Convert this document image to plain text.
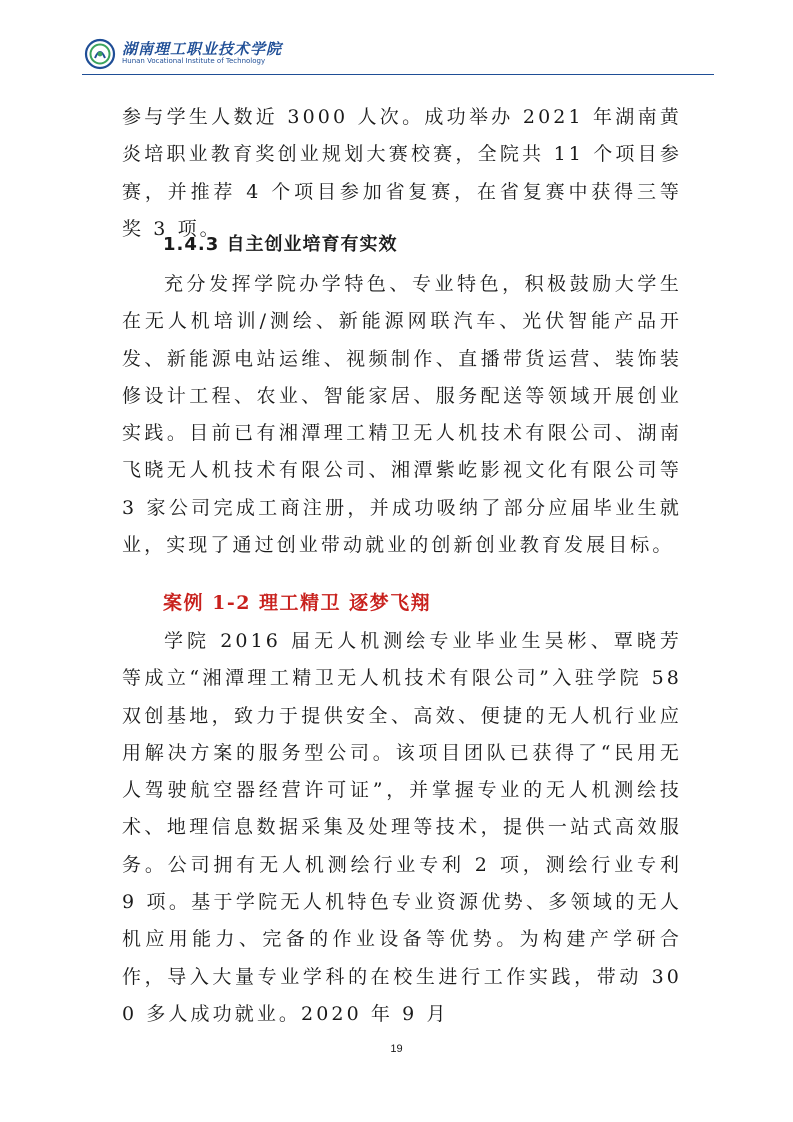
湖南理工职业技术学院
Hunan Vocational Institute of Technology

参与学生人数近 3000 人次。成功举办 2021 年湖南黄炎培职业教育奖创业规划大赛校赛，全院共 11 个项目参赛，并推荐 4 个项目参加省复赛，在省复赛中获得三等奖 3 项。

1.4.3 自主创业培育有实效

充分发挥学院办学特色、专业特色，积极鼓励大学生在无人机培训/测绘、新能源网联汽车、光伏智能产品开发、新能源电站运维、视频制作、直播带货运营、装饰装修设计工程、农业、智能家居、服务配送等领域开展创业实践。目前已有湘潭理工精卫无人机技术有限公司、湖南飞晓无人机技术有限公司、湘潭紫屹影视文化有限公司等 3 家公司完成工商注册，并成功吸纳了部分应届毕业生就业，实现了通过创业带动就业的创新创业教育发展目标。

案例 1-2 理工精卫 逐梦飞翔

学院 2016 届无人机测绘专业毕业生吴彬、覃晓芳等成立“湘潭理工精卫无人机技术有限公司”入驻学院 58 双创基地，致力于提供安全、高效、便捷的无人机行业应用解决方案的服务型公司。该项目团队已获得了“民用无人驾驶航空器经营许可证”，并掌握专业的无人机测绘技术、地理信息数据采集及处理等技术，提供一站式高效服务。公司拥有无人机测绘行业专利 2 项，测绘行业专利 9 项。基于学院无人机特色专业资源优势、多领域的无人机应用能力、完备的作业设备等优势。为构建产学研合作，导入大量专业学科的在校生进行工作实践，带动 300 多人成功就业。2020 年 9 月

19
